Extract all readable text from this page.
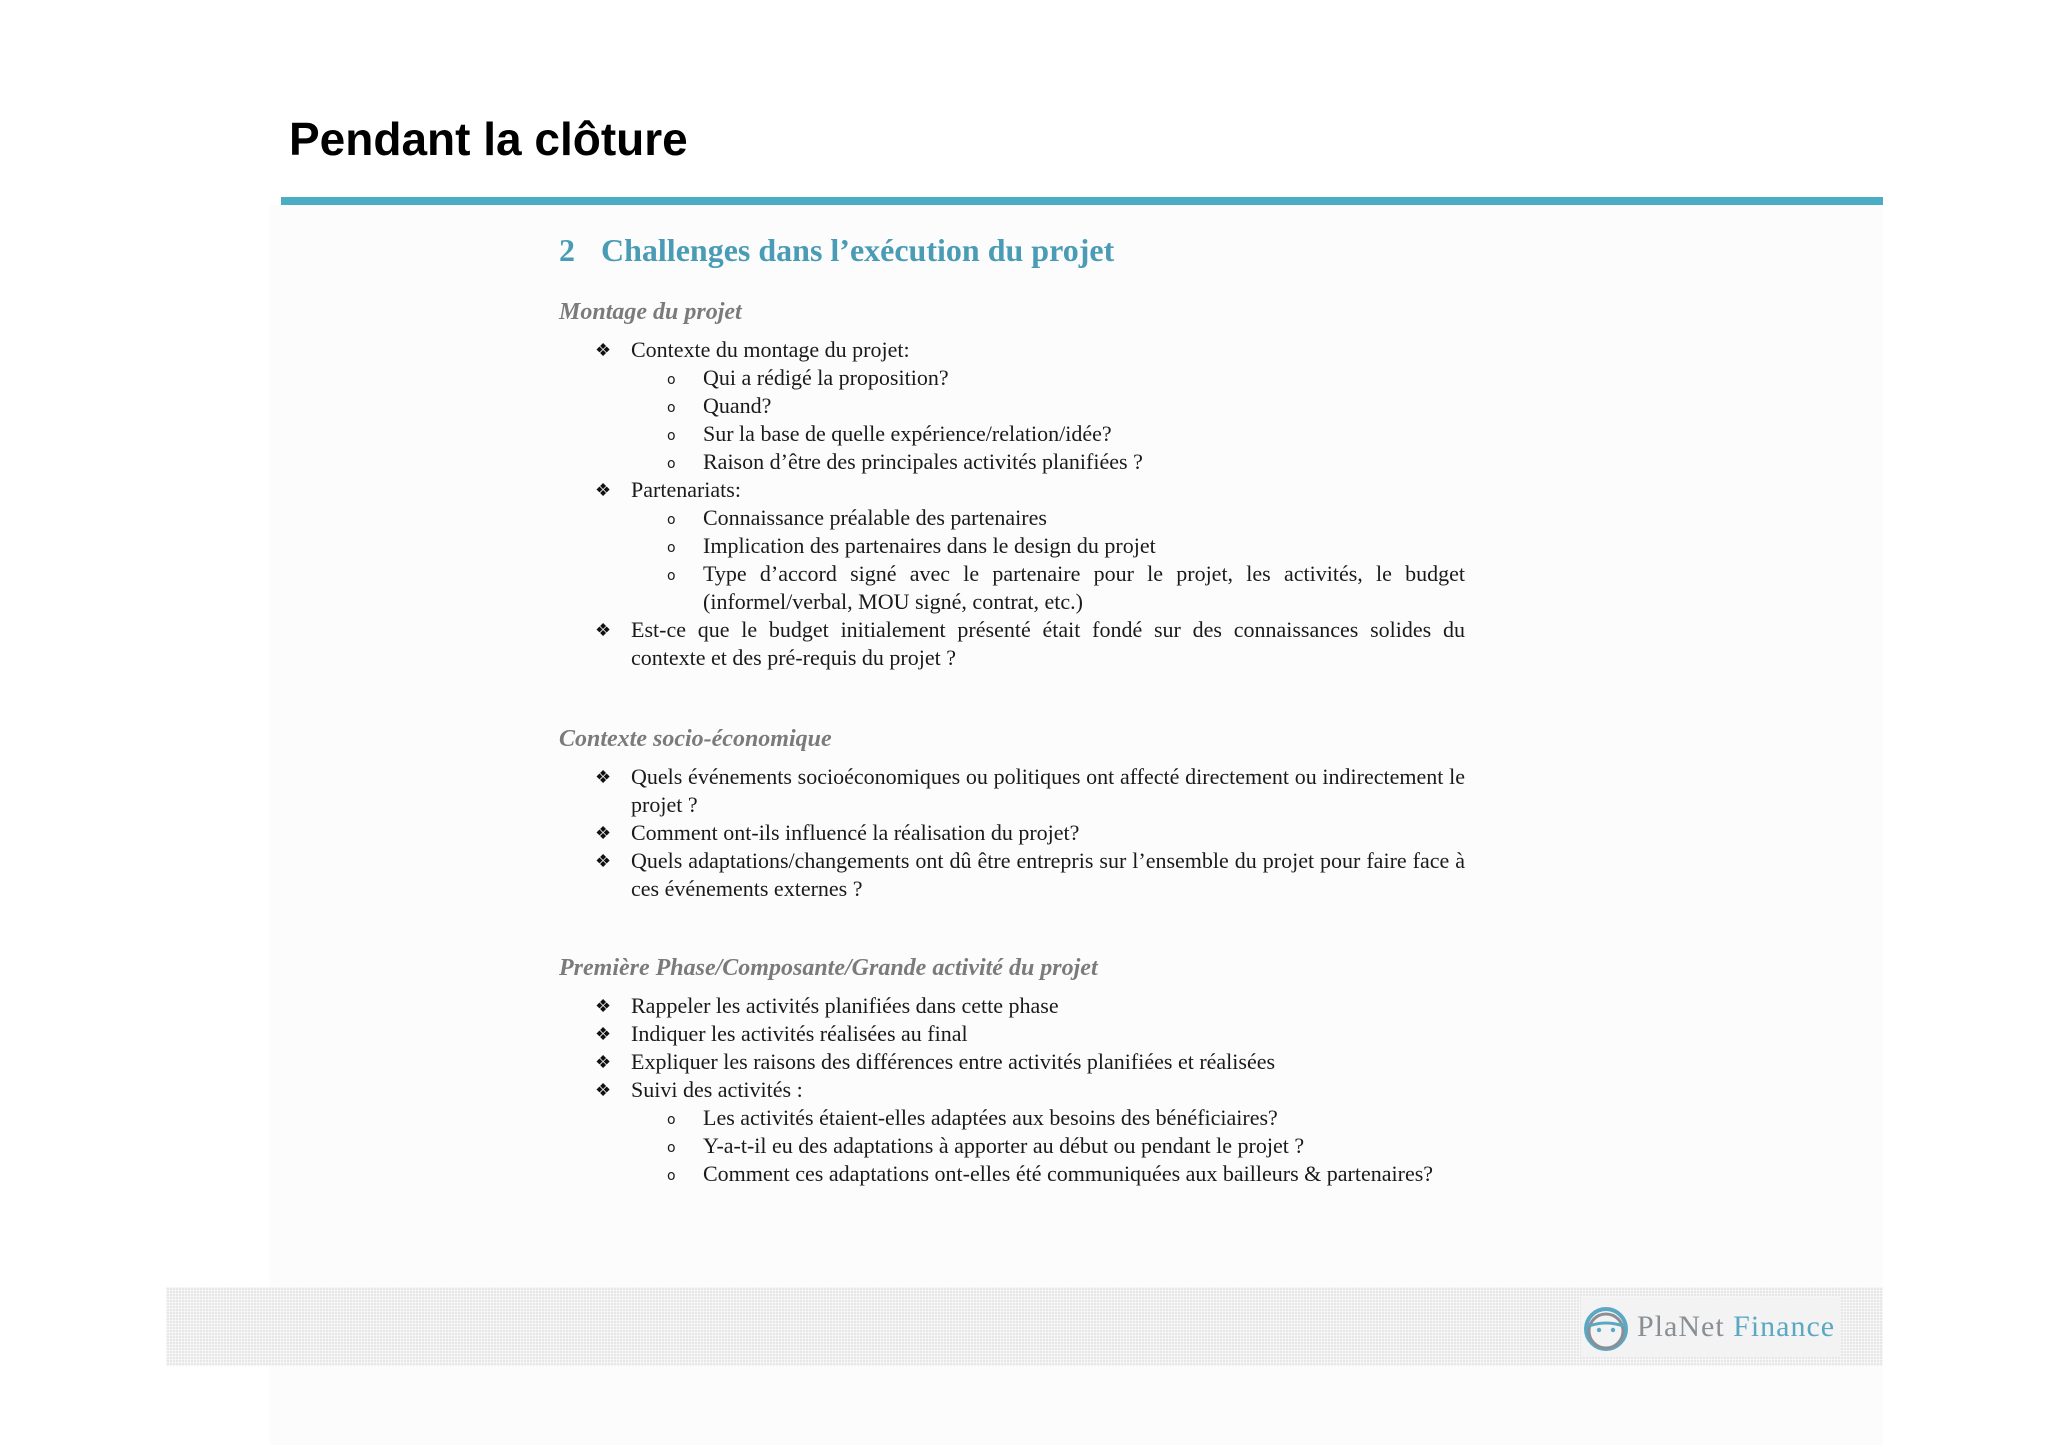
Pendant la clôture
2 Challenges dans l’exécution du projet
Montage du projet
❖ Contexte du montage du projet:
o Qui a rédigé la proposition?
o Quand?
o Sur la base de quelle expérience/relation/idée?
o Raison d’être des principales activités planifiées ?
❖ Partenariats:
o Connaissance préalable des partenaires
o Implication des partenaires dans le design du projet
o Type d’accord signé avec le partenaire pour le projet, les activités, le budget (informel/verbal, MOU signé, contrat, etc.)
❖ Est-ce que le budget initialement présenté était fondé sur des connaissances solides du contexte et des pré-requis du projet ?
Contexte socio-économique
❖ Quels événements socioéconomiques ou politiques ont affecté directement ou indirectement le projet ?
❖ Comment ont-ils influencé la réalisation du projet?
❖ Quels adaptations/changements ont dû être entrepris sur l’ensemble du projet pour faire face à ces événements externes ?
Première Phase/Composante/Grande activité du projet
❖ Rappeler les activités planifiées dans cette phase
❖ Indiquer les activités réalisées au final
❖ Expliquer les raisons des différences entre activités planifiées et réalisées
❖ Suivi des activités :
o Les activités étaient-elles adaptées aux besoins des bénéficiaires?
o Y-a-t-il eu des adaptations à apporter au début ou pendant le projet ?
o Comment ces adaptations ont-elles été communiquées aux bailleurs & partenaires?
PlaNet Finance
